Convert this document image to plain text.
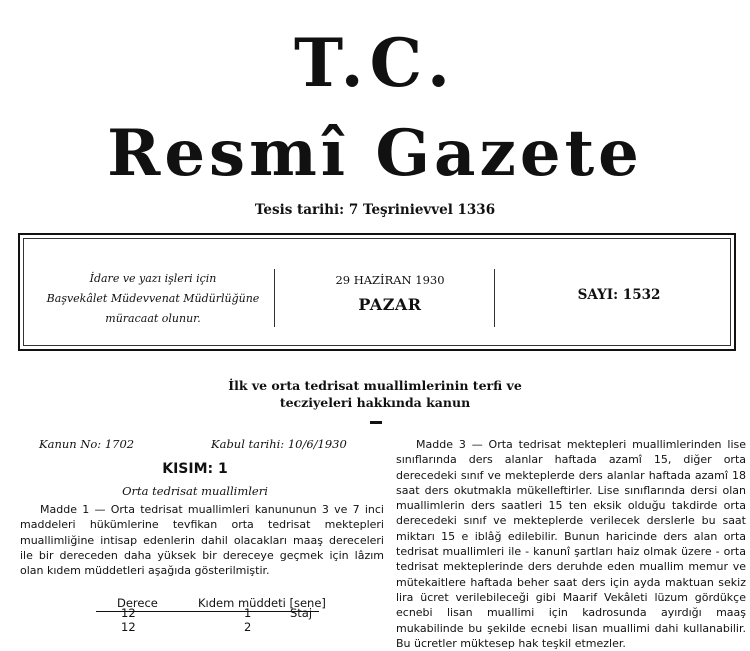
T.C.
Resmî Gazete
Tesis tarihi: 7 Teşrinievvel 1336
İdare ve yazı işleri için
Başvekâlet Müdevvenat Müdürlüğüne
müracaat olunur.
29 HAZİRAN 1930
PAZAR	SAYI: 1532
İlk ve orta tedrisat muallimlerinin terfi ve
tecziyeleri hakkında kanun
Kanun No: 1702	Kabul tarihi: 10/6/1930
KISIM: 1
Orta tedrisat muallimleri
Madde 1 — Orta tedrisat muallimleri kanununun 3 ve 7 inci maddeleri hükümlerine tevfikan orta tedrisat mektepleri muallimliğine intisap edenlerin dahil olacakları maaş dereceleri ile bir dereceden daha yüksek bir dereceye geçmek için lâzım olan kıdem müddetleri aşağıda gösterilmiştir.
Derece	Kıdem müddeti [sene]
12	1	Staj
12	2
Madde 3 — Orta tedrisat mektepleri muallimlerinden lise sınıflarında ders alanlar haftada azamî 15, diğer orta derecedeki sınıf ve mekteplerde ders alanlar haftada azamî 18 saat ders okutmakla mükelleftirler. Lise sınıflarında dersi olan muallimlerin ders saatleri 15 ten eksik olduğu takdirde orta derecedeki sınıf ve mekteplerde verilecek derslerle bu saat miktarı 15 e iblâğ edilebilir. Bunun haricinde ders alan orta tedrisat muallimleri ile - kanunî şartları haiz olmak üzere - orta tedrisat mekteplerinde ders deruhde eden muallim memur ve mütekaitlere haftada beher saat ders için ayda maktuan sekiz lira ücret verilebileceği gibi Maarif Vekâleti lüzum gördükçe ecnebi lisan muallimi için kadrosunda ayırdığı maaş mukabilinde bu şekilde ecnebi lisan muallimi dahi kullanabilir. Bu ücretler müktesep hak teşkil etmezler.
